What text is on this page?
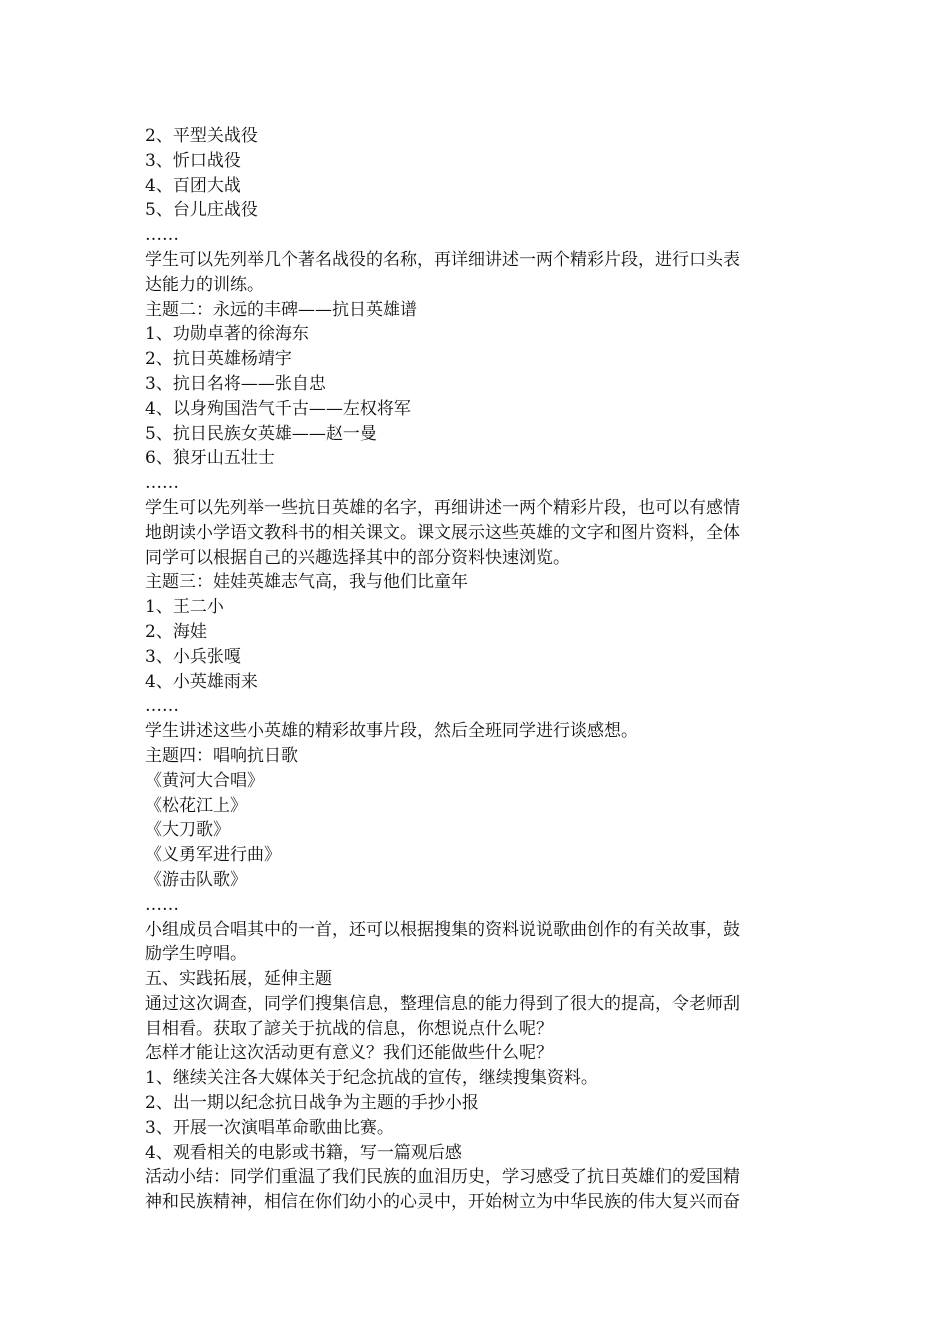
2、平型关战役
3、忻口战役
4、百团大战
5、台儿庄战役
……
学生可以先列举几个著名战役的名称，再详细讲述一两个精彩片段，进行口头表
达能力的训练。
主题二：永远的丰碑——抗日英雄谱
1、功勋卓著的徐海东
2、抗日英雄杨靖宇
3、抗日名将——张自忠
4、以身殉国浩气千古——左权将军
5、抗日民族女英雄——赵一曼
6、狼牙山五壮士
……
学生可以先列举一些抗日英雄的名字，再细讲述一两个精彩片段，也可以有感情
地朗读小学语文教科书的相关课文。课文展示这些英雄的文字和图片资料，全体
同学可以根据自己的兴趣选择其中的部分资料快速浏览。
主题三：娃娃英雄志气高，我与他们比童年
1、王二小
2、海娃
3、小兵张嘎
4、小英雄雨来
……
学生讲述这些小英雄的精彩故事片段，然后全班同学进行谈感想。
主题四：唱响抗日歌
《黄河大合唱》
《松花江上》
《大刀歌》
《义勇军进行曲》
《游击队歌》
……
小组成员合唱其中的一首，还可以根据搜集的资料说说歌曲创作的有关故事，鼓
励学生哼唱。
五、实践拓展，延伸主题
通过这次调查，同学们搜集信息，整理信息的能力得到了很大的提高，令老师刮
目相看。获取了諺关于抗战的信息，你想说点什么呢？
怎样才能让这次活动更有意义？我们还能做些什么呢？
1、继续关注各大媒体关于纪念抗战的宣传，继续搜集资料。
2、出一期以纪念抗日战争为主题的手抄小报
3、开展一次演唱革命歌曲比赛。
4、观看相关的电影或书籍，写一篇观后感
活动小结：同学们重温了我们民族的血泪历史，学习感受了抗日英雄们的爱国精
神和民族精神，相信在你们幼小的心灵中，开始树立为中华民族的伟大复兴而奋
